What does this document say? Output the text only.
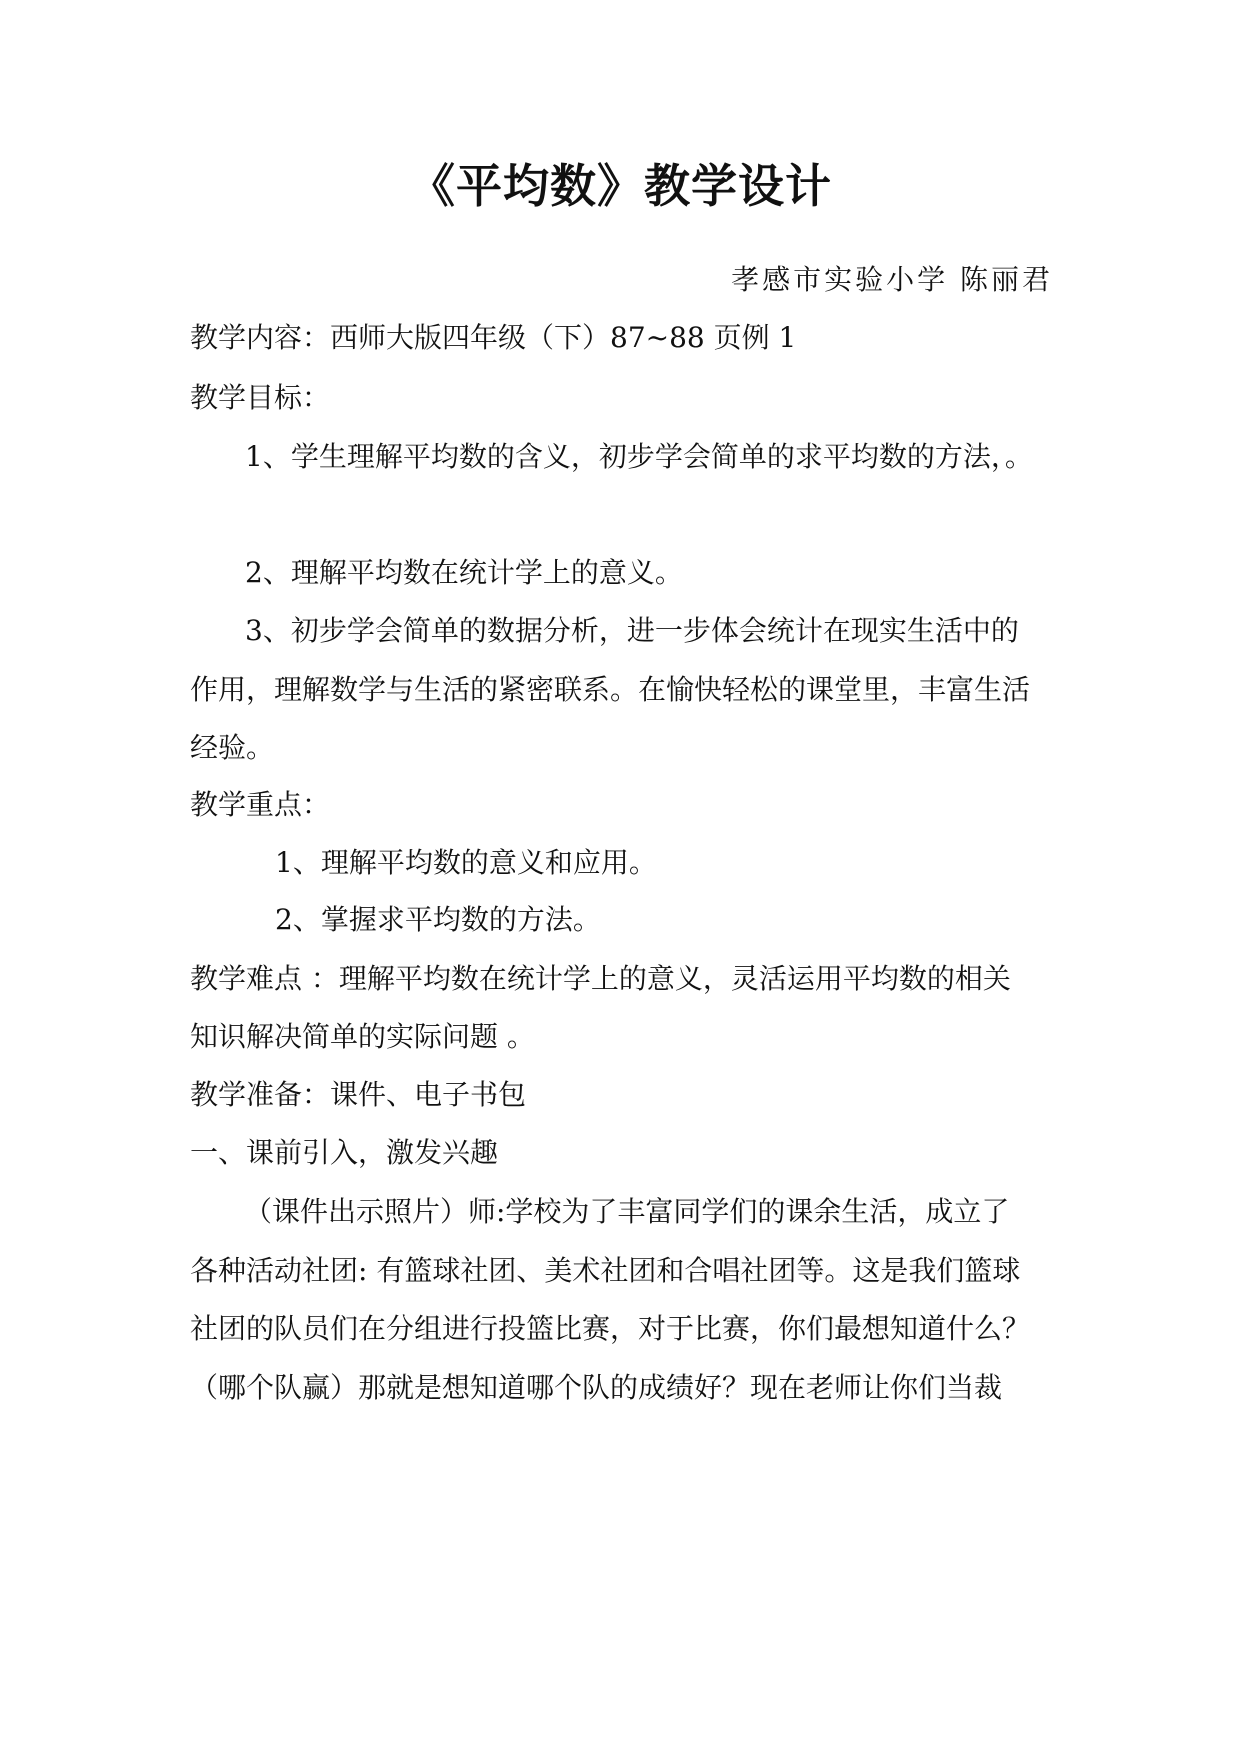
《平均数》教学设计
孝感市实验小学 陈丽君
教学内容：西师大版四年级（下）87~88 页例 1
教学目标：
1、学生理解平均数的含义，初步学会简单的求平均数的方法，。
2、理解平均数在统计学上的意义。
3、初步学会简单的数据分析，进一步体会统计在现实生活中的
作用，理解数学与生活的紧密联系。在愉快轻松的课堂里，丰富生活
经验。
教学重点：
1、理解平均数的意义和应用。
2、掌握求平均数的方法。
教学难点 ：理解平均数在统计学上的意义，灵活运用平均数的相关
知识解决简单的实际问题 。
教学准备：课件、电子书包
一、课前引入，激发兴趣
（课件出示照片）师:学校为了丰富同学们的课余生活，成立了
各种活动社团: 有篮球社团、美术社团和合唱社团等。这是我们篮球
社团的队员们在分组进行投篮比赛，对于比赛，你们最想知道什么？
（哪个队赢）那就是想知道哪个队的成绩好？现在老师让你们当裁
